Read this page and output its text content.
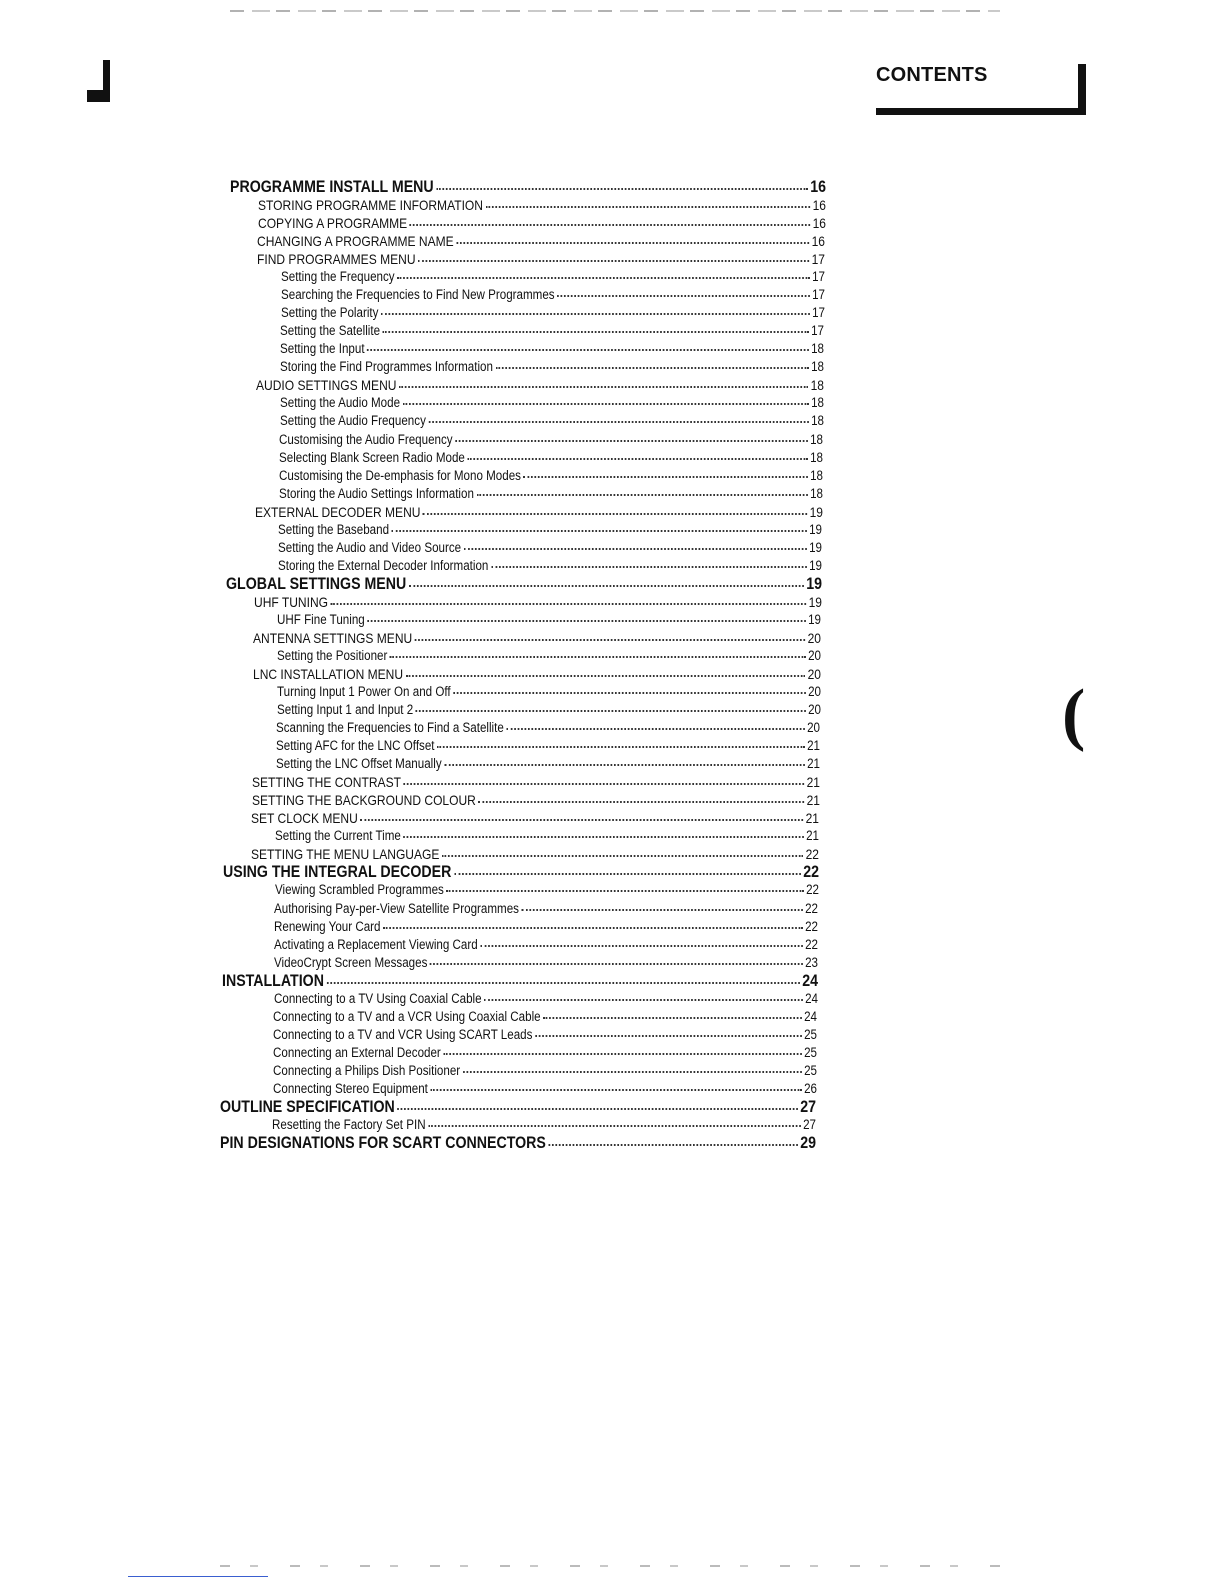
CONTENTS
PROGRAMME INSTALL MENU	16
STORING PROGRAMME INFORMATION	16
COPYING A PROGRAMME	16
CHANGING A PROGRAMME NAME	16
FIND PROGRAMMES MENU	17
Setting the Frequency	17
Searching the Frequencies to Find New Programmes	17
Setting the Polarity	17
Setting the Satellite	17
Setting the Input	18
Storing the Find Programmes Information	18
AUDIO SETTINGS MENU	18
Setting the Audio Mode	18
Setting the Audio Frequency	18
Customising the Audio Frequency	18
Selecting Blank Screen Radio Mode	18
Customising the De-emphasis for Mono Modes	18
Storing the Audio Settings Information	18
EXTERNAL DECODER MENU	19
Setting the Baseband	19
Setting the Audio and Video Source	19
Storing the External Decoder Information	19
GLOBAL SETTINGS MENU	19
UHF TUNING	19
UHF Fine Tuning	19
ANTENNA SETTINGS MENU	20
Setting the Positioner	20
LNC INSTALLATION MENU	20
Turning Input 1 Power On and Off	20
Setting Input 1 and Input 2	20
Scanning the Frequencies to Find a Satellite	20
Setting AFC for the LNC Offset	21
Setting the LNC Offset Manually	21
SETTING THE CONTRAST	21
SETTING THE BACKGROUND COLOUR	21
SET CLOCK MENU	21
Setting the Current Time	21
SETTING THE MENU LANGUAGE	22
USING THE INTEGRAL DECODER	22
Viewing Scrambled Programmes	22
Authorising Pay-per-View Satellite Programmes	22
Renewing Your Card	22
Activating a Replacement Viewing Card	22
VideoCrypt Screen Messages	23
INSTALLATION	24
Connecting to a TV Using Coaxial Cable	24
Connecting to a TV and a VCR Using Coaxial Cable	24
Connecting to a TV and VCR Using SCART Leads	25
Connecting an External Decoder	25
Connecting a Philips Dish Positioner	25
Connecting Stereo Equipment	26
OUTLINE SPECIFICATION	27
Resetting the Factory Set PIN	27
PIN DESIGNATIONS FOR SCART CONNECTORS	29
(
